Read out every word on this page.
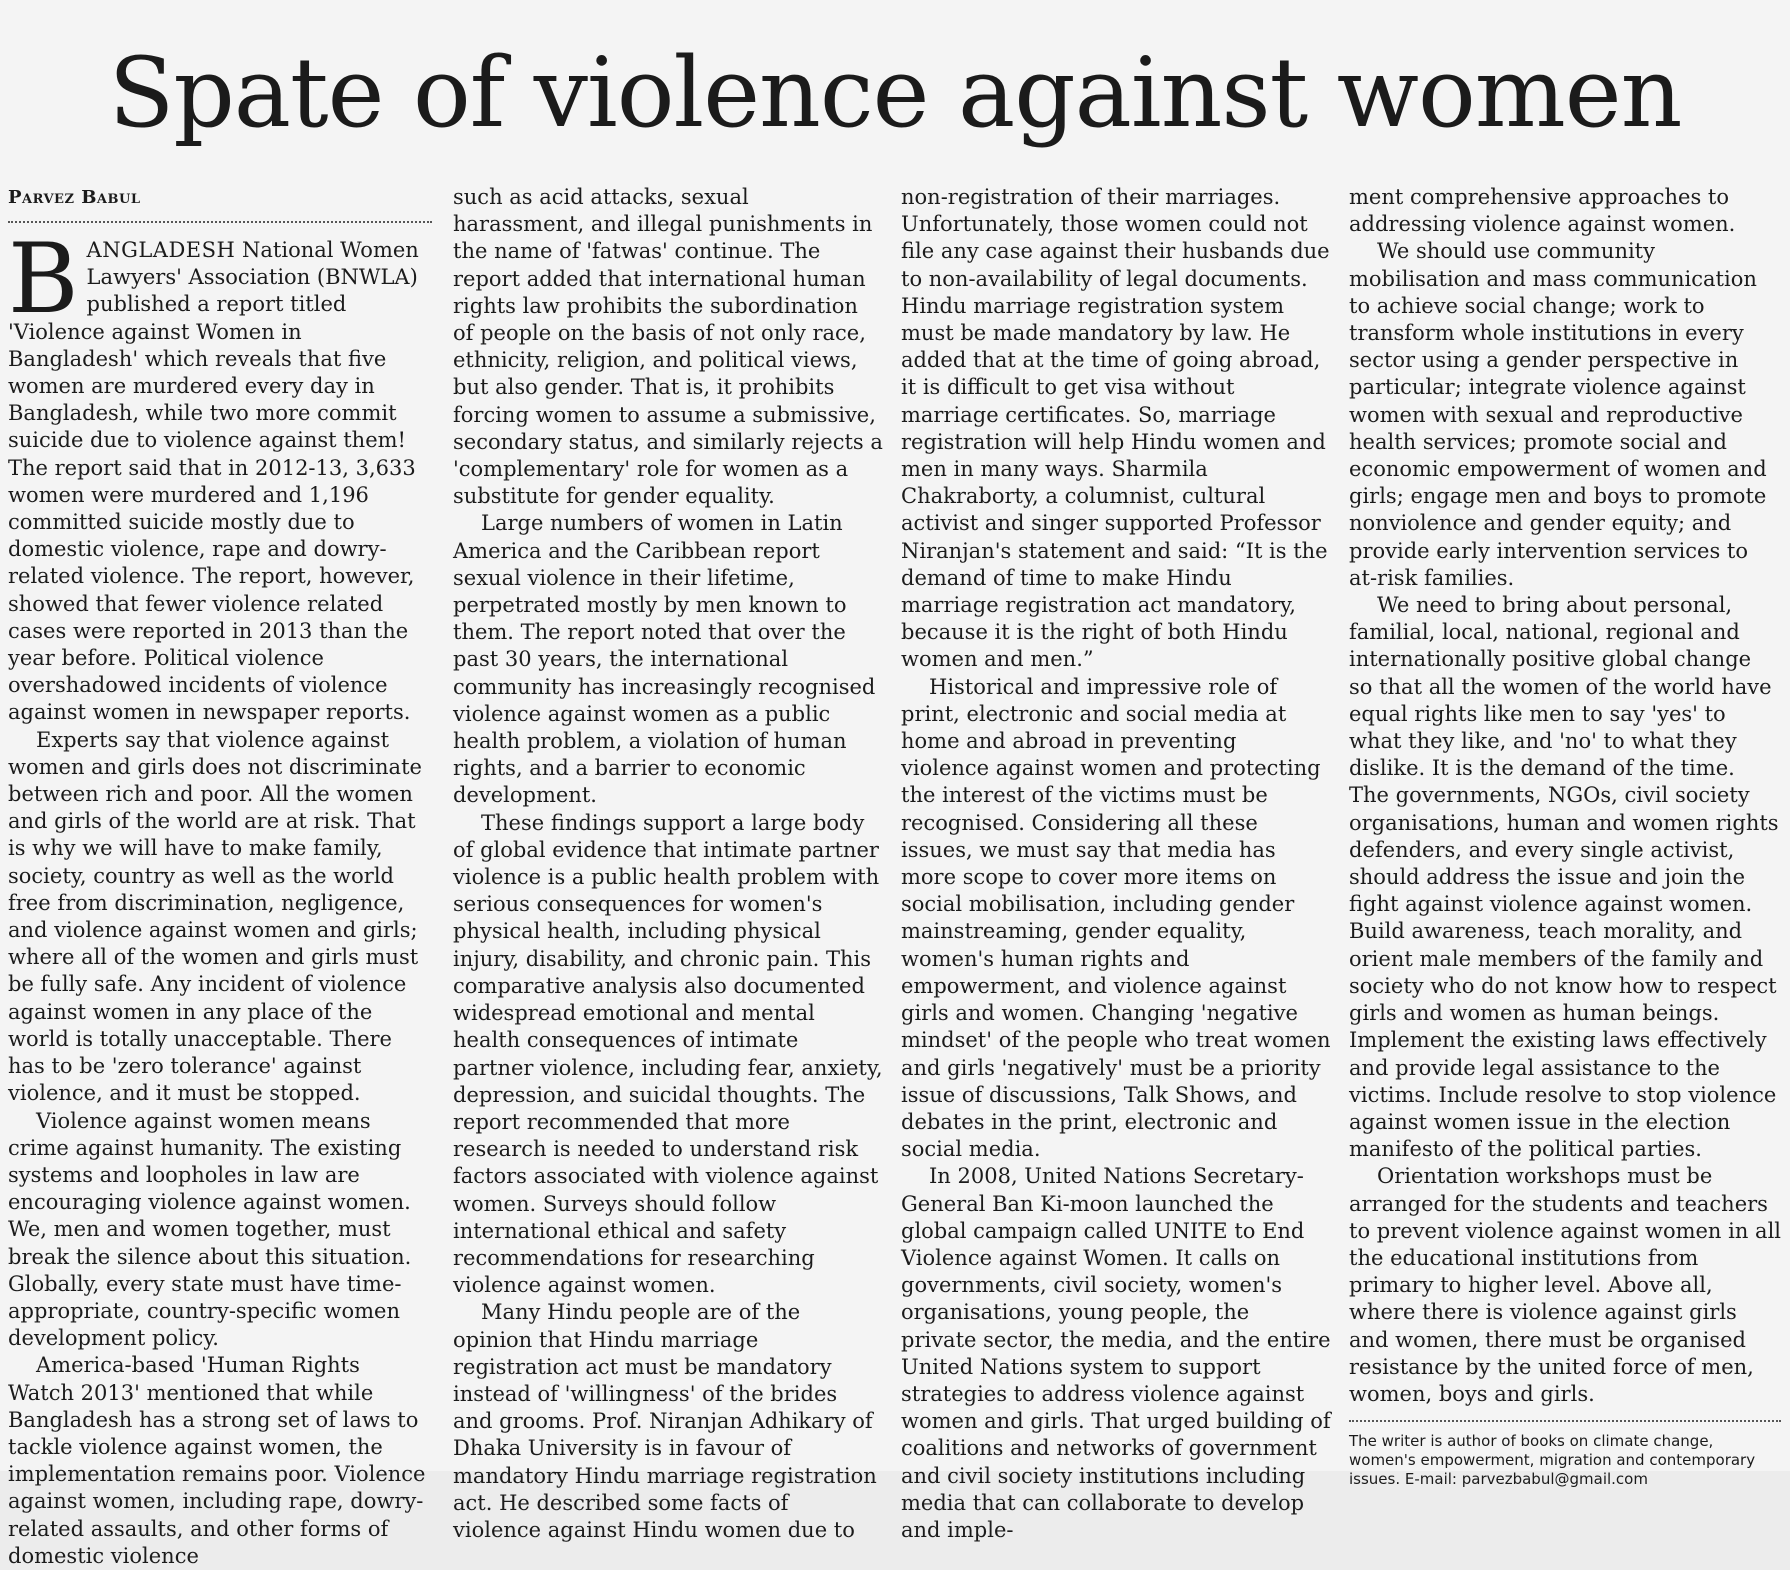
Spate of violence against women
Parvez Babul

BANGLADESH National Women Lawyers' Association (BNWLA) published a report titled 'Violence against Women in Bangladesh' which reveals that five women are murdered every day in Bangladesh, while two more commit suicide due to violence against them! The report said that in 2012-13, 3,633 women were murdered and 1,196 committed suicide mostly due to domestic violence, rape and dowry-related violence. The report, however, showed that fewer violence related cases were reported in 2013 than the year before. Political violence overshadowed incidents of violence against women in newspaper reports.

Experts say that violence against women and girls does not discriminate between rich and poor. All the women and girls of the world are at risk. That is why we will have to make family, society, country as well as the world free from discrimination, negligence, and violence against women and girls; where all of the women and girls must be fully safe. Any incident of violence against women in any place of the world is totally unacceptable. There has to be 'zero tolerance' against violence, and it must be stopped.

Violence against women means crime against humanity. The existing systems and loopholes in law are encouraging violence against women. We, men and women together, must break the silence about this situation. Globally, every state must have time-appropriate, country-specific women development policy.

America-based 'Human Rights Watch 2013' mentioned that while Bangladesh has a strong set of laws to tackle violence against women, the implementation remains poor. Violence against women, including rape, dowry-related assaults, and other forms of domestic violence

such as acid attacks, sexual harassment, and illegal punishments in the name of 'fatwas' continue. The report added that international human rights law prohibits the subordination of people on the basis of not only race, ethnicity, religion, and political views, but also gender. That is, it prohibits forcing women to assume a submissive, secondary status, and similarly rejects a 'complementary' role for women as a substitute for gender equality.

Large numbers of women in Latin America and the Caribbean report sexual violence in their lifetime, perpetrated mostly by men known to them. The report noted that over the past 30 years, the international community has increasingly recognised violence against women as a public health problem, a violation of human rights, and a barrier to economic development.

These findings support a large body of global evidence that intimate partner violence is a public health problem with serious consequences for women's physical health, including physical injury, disability, and chronic pain. This comparative analysis also documented widespread emotional and mental health consequences of intimate partner violence, including fear, anxiety, depression, and suicidal thoughts. The report recommended that more research is needed to understand risk factors associated with violence against women. Surveys should follow international ethical and safety recommendations for researching violence against women.

Many Hindu people are of the opinion that Hindu marriage registration act must be mandatory instead of 'willingness' of the brides and grooms. Prof. Niranjan Adhikary of Dhaka University is in favour of mandatory Hindu marriage registration act. He described some facts of violence against Hindu women due to

non-registration of their marriages. Unfortunately, those women could not file any case against their husbands due to non-availability of legal documents. Hindu marriage registration system must be made mandatory by law. He added that at the time of going abroad, it is difficult to get visa without marriage certificates. So, marriage registration will help Hindu women and men in many ways. Sharmila Chakraborty, a columnist, cultural activist and singer supported Professor Niranjan's statement and said: “It is the demand of time to make Hindu marriage registration act mandatory, because it is the right of both Hindu women and men.”

Historical and impressive role of print, electronic and social media at home and abroad in preventing violence against women and protecting the interest of the victims must be recognised. Considering all these issues, we must say that media has more scope to cover more items on social mobilisation, including gender mainstreaming, gender equality, women's human rights and empowerment, and violence against girls and women. Changing 'negative mindset' of the people who treat women and girls 'negatively' must be a priority issue of discussions, Talk Shows, and debates in the print, electronic and social media.

In 2008, United Nations Secretary-General Ban Ki-moon launched the global campaign called UNITE to End Violence against Women. It calls on governments, civil society, women's organisations, young people, the private sector, the media, and the entire United Nations system to support strategies to address violence against women and girls. That urged building of coalitions and networks of government and civil society institutions including media that can collaborate to develop and imple-

ment comprehensive approaches to addressing violence against women.

We should use community mobilisation and mass communication to achieve social change; work to transform whole institutions in every sector using a gender perspective in particular; integrate violence against women with sexual and reproductive health services; promote social and economic empowerment of women and girls; engage men and boys to promote nonviolence and gender equity; and provide early intervention services to at-risk families.

We need to bring about personal, familial, local, national, regional and internationally positive global change so that all the women of the world have equal rights like men to say 'yes' to what they like, and 'no' to what they dislike. It is the demand of the time. The governments, NGOs, civil society organisations, human and women rights defenders, and every single activist, should address the issue and join the fight against violence against women. Build awareness, teach morality, and orient male members of the family and society who do not know how to respect girls and women as human beings. Implement the existing laws effectively and provide legal assistance to the victims. Include resolve to stop violence against women issue in the election manifesto of the political parties.

Orientation workshops must be arranged for the students and teachers to prevent violence against women in all the educational institutions from primary to higher level. Above all, where there is violence against girls and women, there must be organised resistance by the united force of men, women, boys and girls.

The writer is author of books on climate change, women's empowerment, migration and contemporary issues. E-mail: parvezbabul@gmail.com
